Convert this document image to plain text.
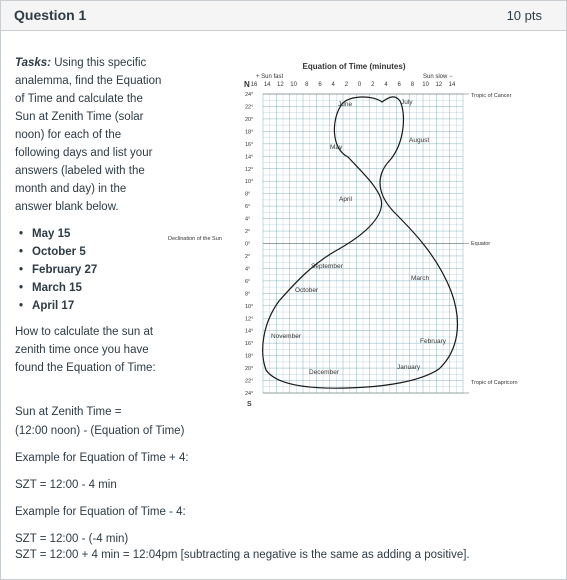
Question 1	10 pts
Tasks: Using this specific analemma, find the Equation of Time and calculate the Sun at Zenith Time (solar noon) for each of the following days and list your answers (labeled with the month and day) in the answer blank below.
• May 15
• October 5
• February 27
• March 15
• April 17
How to calculate the sun at zenith time once you have found the Equation of Time:
Sun at Zenith Time =
(12:00 noon) - (Equation of Time)
Example for Equation of Time + 4:
SZT = 12:00 - 4 min
Example for Equation of Time - 4:
SZT = 12:00 - (-4 min)
SZT = 12:00 + 4 min = 12:04pm [subtracting a negative is the same as adding a positive].
Equation of Time (minutes)
+ Sun fast	Sun slow −
N
S
16 14 12 10 8 6 4 2 0 2 4 6 8 10 12 14
24°
22°
20°
18°
16°
14°
12°
10°
8°
6°
4°
2°
0°
2°
4°
6°
8°
10°
12°
14°
16°
18°
20°
22°
24°
Declination of the Sun
Tropic of Cancer
Equator
Tropic of Capricorn
June	July
August
May
April
September
March
October
November
February
December
January
